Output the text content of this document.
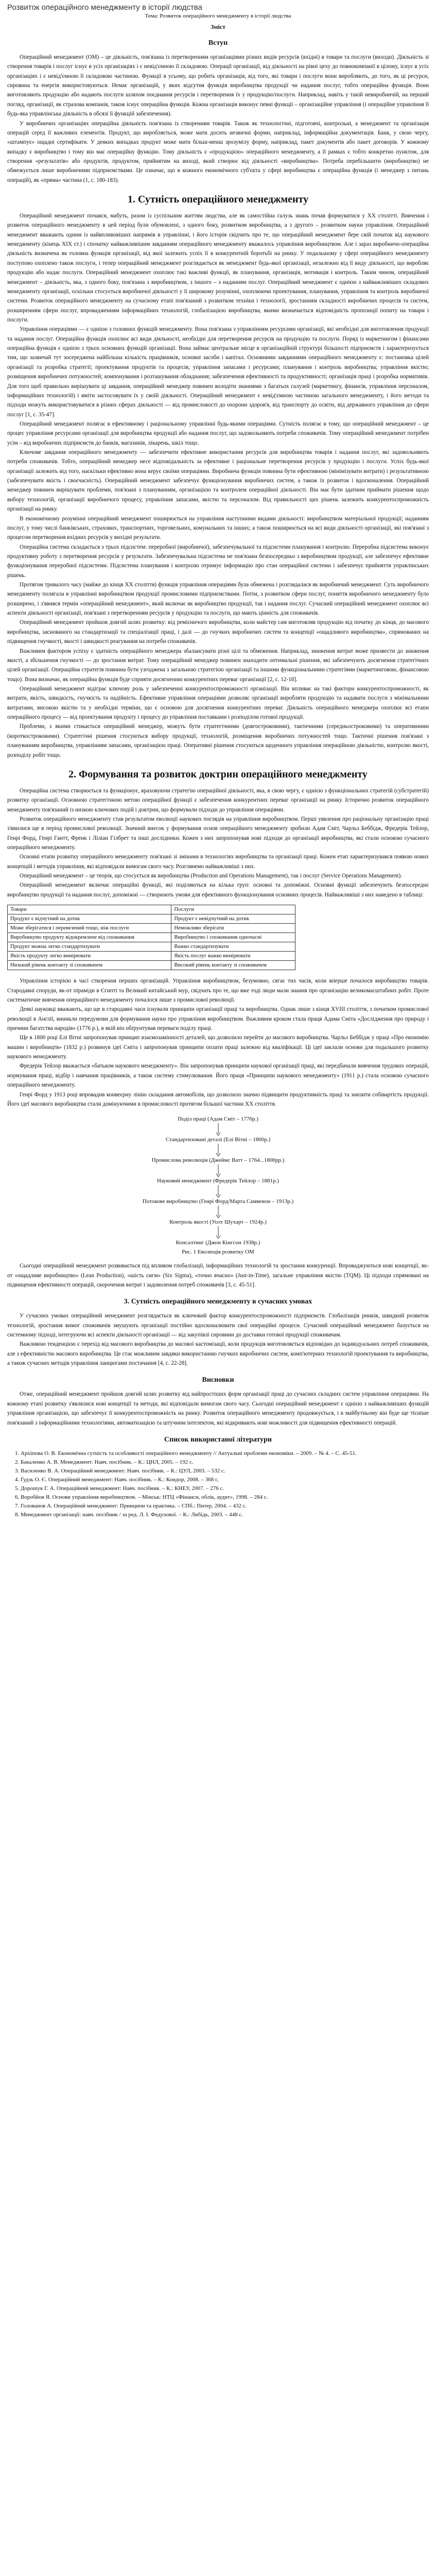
Розвиток операційного менеджменту в історії людства
Тема: Розвиток операційного менеджменту в історії людства
Зміст
Вступ

Операційний менеджмент (ОМ) – це діяльність, пов'язана із перетворенням організаціями різних видів ресурсів (вхідні) в товари та послуги (виходи). Діяльність зі створення товарів і послуг існує в усіх організаціях і є невід'ємною її складовою. Операції організації, від діяльності на рівні цеху до повнокомпанії в цілому, існує в усіх організаціях і є невід'ємною її складовою частиною. Функції в усьому, що робить організація, від того, які товари і послуги вони виробляють, до того, як ці ресурси, сировина та енергія використовуються. Немає організацій, у яких відсутня функція виробництва продукції чи надання послуг, тобто операційна функція. Вони виготовляють продукцію або надають послуги шляхом поєднання ресурсів і перетворення їх у продукцію/послуги. Наприклад, навіть у такій невиробничій, на перший погляд, організації, як страхова компанія, також існує операційна функція. Кожна організація виконує певні функції – організаційне управління (і операційне управління її будь-яка управлінська діяльність в обсязі її функцій забезпечення).

У виробничих організаціях операційна діяльність пов'язана із створенням товарів. Також як технологічні, підготовчі, контрольні, а менеджмент та організація операцій серед її важливих елементів. Продукт, що виробляється, може мати досить незвичні форми, наприклад, інформаційна документація. Банк, у свою чергу, «штампує» ощадні сертифікати. У деяких випадках продукт може мати більш-менш зрозумілу форму, наприклад, пакет документів або пакет договорів. У кожному випадку є виробництво і тому він має операційну функцію. Тому діяльність є «продукцією» операційного менеджменту, а її рамках є тобто конкретно пунктом, для створення «результатів» або продуктів, продуктом, прийнятим на виході, який створює від діяльності «виробництва». Потреба перебільшити (виробництво) не обмежується лише виробничими підприємствами. Це означає, що в кожного економічного суб'єкта у сфері виробництва є операційна функція (і менеджер з питань операцій), як «пряма» частина (1, с. 180-183).

1. Сутність операційного менеджменту

Операційний менеджмент почався, мабуть, разом із суспільним життям людства, але як самостійна галузь знань почав формуватися у XX столітті. Вивчення і розвиток операційного менеджменту в цей період були обумовлені, з одного боку, розвитком виробництва, а з другого – розвитком науки управління. Операційний менеджмент вважають одним із найвпливовіших напрямів в управлінні, і його історія свідчить про те, що операційний менеджмент бере свій початок від наукового менеджменту (кінець XIX ст.) і спочатку найважливішим завданням операційного менеджменту вважалось управління виробництвом. Але і зараз виробничо-операційна діяльність визначена як головна функція організації, від якої залежить успіх її в конкурентній боротьбі на ринку. У подальшому у сфері операційного менеджменту поступово охоплено також послуги, і тепер операційний менеджмент розглядається як менеджмент будь-якої організації, незалежно від її виду діяльності, що виробляє продукцію або надає послуги. Операційний менеджмент охоплює такі важливі функції, як планування, організація, мотивація і контроль. Таким чином, операційний менеджмент – діяльність, яка, з одного боку, пов'язана з виробництвом, з іншого – з наданням послуг. Операційний менеджмент є однією з найважливіших складових менеджменту організації, оскільки стосується виробничої діяльності у її широкому розумінні, охоплюючи проектування, планування, управління та контроль виробничої системи. Розвиток операційного менеджменту на сучасному етапі пов'язаний з розвитком техніки і технології, зростанням складності виробничих процесів та систем, розширенням сфери послуг, впровадженням інформаційних технологій, глобалізацією виробництва, якими визначається відповідність пропозиції попиту на товари і послуги.

Управління операціями — є однією з головних функцій менеджменту. Вона пов'язана з управлінням ресурсами організації, які необхідні для виготовлення продукції та надання послуг. Операційна функція охоплює всі види діяльності, необхідні для перетворення ресурсів на продукцію та послуги. Поряд із маркетингом і фінансами операційна функція є однією з трьох основних функцій організації. Вона займає центральне місце в організаційній структурі більшості підприємств і характеризується тим, що зазвичай тут зосереджена найбільша кількість працівників, основні засоби і капітал. Основними завданнями операційного менеджменту є: постановка цілей організації та розробка стратегії; проектування продуктів та процесів; управління запасами і ресурсами; планування і контроль виробництва; управління якістю; розміщення виробничих потужностей; компонування і розташування обладнання; забезпечення ефективності та продуктивності; організація праці і розробка нормативів. Для того щоб правильно вирішувати ці завдання, операційний менеджер повинен володіти знаннями з багатьох галузей (маркетингу, фінансів, управління персоналом, інформаційних технологій) і вміти застосовувати їх у своїй діяльності. Операційний менеджмент є невід'ємною частиною загального менеджменту, і його методи та підходи можуть використовуватися в різних сферах діяльності — від промисловості до охорони здоров'я, від транспорту до освіти, від державного управління до сфери послуг [1, с. 35-47].

Операційний менеджмент полягає в ефективному і раціональному управлінні будь-якими операціями. Сутність полягає в тому, що операційний менеджмент – це процес управління ресурсами організації для виробництва продукції або надання послуг, що задовольняють потреби споживачів. Тому операційний менеджмент потрібен усім – від виробничих підприємств до банків, магазинів, лікарень, шкіл тощо.

Ключове завдання операційного менеджменту — забезпечити ефективне використання ресурсів для виробництва товарів і надання послуг, які задовольняють потреби споживачів. Тобто, операційний менеджер несе відповідальність за ефективне і раціональне перетворення ресурсів у продукцію і послуги. Успіх будь-якої організації залежить від того, наскільки ефективно вона керує своїми операціями. Виробнича функція повинна бути ефективною (мінімізувати витрати) і результативною (забезпечувати якість і своєчасність). Операційний менеджмент забезпечує функціонування виробничих систем, а також їх розвиток і вдосконалення. Операційний менеджер повинен вирішувати проблеми, пов'язані з плануванням, організацією та контролем операційної діяльності. Він має бути здатним приймати рішення щодо вибору технологій, організації виробничого процесу, управління запасами, якістю та персоналом. Від правильності цих рішень залежить конкурентоспроможність організації на ринку.

В економічному розумінні операційний менеджмент поширюється на управління наступними видами діяльності: виробництвом матеріальної продукції; наданням послуг, у тому числі банківських, страхових, транспортних, торговельних, комунальних та інших; а також поширюється на всі види діяльності організації, які пов'язані з процесом перетворення вхідних ресурсів у вихідні результати.

Операційна система складається з трьох підсистем: переробної (виробничої), забезпечувальної та підсистеми планування і контролю. Переробна підсистема виконує продуктивну роботу з перетворення ресурсів у результати. Забезпечувальна підсистема не пов'язана безпосередньо з виробництвом продукції, але забезпечує ефективне функціонування переробної підсистеми. Підсистема планування і контролю отримує інформацію про стан операційної системи і забезпечує прийняття управлінських рішень.

Протягом тривалого часу (майже до кінця ХХ століття) функція управління операціями була обмежена і розглядалася як виробничий менеджмент. Суть виробничого менеджменту полягала в управлінні виробництвом продукції промисловими підприємствами. Потім, з розвитком сфери послуг, поняття виробничого менеджменту було розширено, і з'явився термін «операційний менеджмент», який включає як виробництво продукції, так і надання послуг. Сучасний операційний менеджмент охоплює всі аспекти діяльності організації, пов'язані з перетворенням ресурсів у продукцію та послуги, що мають цінність для споживачів.

Операційний менеджмент пройшов довгий шлях розвитку: від ремісничого виробництва, коли майстер сам виготовляв продукцію від початку до кінця, до масового виробництва, заснованого на стандартизації та спеціалізації праці, і далі — до гнучких виробничих систем та концепції «ощадливого виробництва», спрямованих на підвищення гнучкості, якості і швидкості реагування на потреби споживачів.

Важливим фактором успіху є здатність операційного менеджера збалансувати різні цілі та обмеження. Наприклад, зниження витрат може призвести до зниження якості, а збільшення гнучкості — до зростання витрат. Тому операційний менеджер повинен знаходити оптимальні рішення, які забезпечують досягнення стратегічних цілей організації. Операційна стратегія повинна бути узгоджена з загальною стратегією організації та іншими функціональними стратегіями (маркетинговою, фінансовою тощо). Вона визначає, як операційна функція буде сприяти досягненню конкурентних переваг організації [2, с. 12-18].

Операційний менеджмент відіграє ключову роль у забезпеченні конкурентоспроможності організації. Він впливає на такі фактори конкурентоспроможності, як витрати, якість, швидкість, гнучкість та надійність. Ефективне управління операціями дозволяє організації виробляти продукцію та надавати послуги з мінімальними витратами, високою якістю та у необхідні терміни, що є основою для досягнення конкурентних переваг. Діяльність операційного менеджера охоплює всі етапи операційного процесу — від проектування продукту і процесу до управління поставками і розподілом готової продукції.

Проблеми, з якими стикається операційний менеджер, можуть бути стратегічними (довгостроковими), тактичними (середньостроковими) та оперативними (короткостроковими). Стратегічні рішення стосуються вибору продукції, технологій, розміщення виробничих потужностей тощо. Тактичні рішення пов'язані з плануванням виробництва, управлінням запасами, організацією праці. Оперативні рішення стосуються щоденного управління операційною діяльністю, контролю якості, розподілу робіт тощо.

2. Формування та розвиток доктрин операційного менеджменту

Операційна система створюється та функціонує, враховуючи стратегію операційної діяльності, яка, в свою чергу, є однією з функціональних стратегій (субстратегій) розвитку організації. Основною стратегічною метою операційної функції є забезпечення конкурентних переваг організації на ринку. Історично розвиток операційного менеджменту пов'язаний із низкою ключових подій і доктрин, що формували підходи до управління операціями.

Розвиток операційного менеджменту став результатом еволюції наукових поглядів на управління виробництвом. Перші уявлення про раціональну організацію праці з'явилися ще в період промислової революції. Значний внесок у формування основ операційного менеджменту зробили Адам Сміт, Чарльз Беббідж, Фредерік Тейлор, Генрі Форд, Генрі Гантт, Френк і Ліліан Гілбрет та інші дослідники. Кожен з них запропонував нові підходи до організації виробництва, які стали основою сучасного операційного менеджменту.

Основні етапи розвитку операційного менеджменту пов'язані зі змінами в технологіях виробництва та організації праці. Кожен етап характеризувався появою нових концепцій і методів управління, які відповідали вимогам свого часу. Розглянемо найважливіші з них.

Операційний менеджмент – це теорія, що стосується як виробництва (Production and Operations Management), так і послуг (Service Operations Management).

Операційний менеджмент включає операційні функції, які поділяються на кілька груп: основні та допоміжні. Основні функції забезпечують безпосереднє виробництво продукції та надання послуг, допоміжні — створюють умови для ефективного функціонування основних процесів. Найважливіші з них наведено в таблиці:

Товари	Послуги
Продукт є відчутний на дотик	Продукт є невідчутний на дотик
Може зберігатися і перевезений тощо, ніж послуги	Неможливо зберігати
Виробництво продукту відокремлене від споживання	Виробництво і споживання одночасні
Продукт можна легко стандартизувати	Важко стандартизувати
Якість продукту легко вимірювати	Якість послуг важко вимірювати
Низький рівень контакту зі споживачем	Високий рівень контакту зі споживачем

Управління історією в часі створення перших організацій. Управління виробництвом, безумовно, сягає тих часів, коли вперше почалося виробництво товарів. Стародавні споруди, як-от піраміди в Єгипті та Великий китайський мур, свідчать про те, що вже тоді люди мали знання про організацію великомасштабних робіт. Проте систематичне вивчення операційного менеджменту почалося лише з промислової революції.

Деякі науковці вважають, що ще в стародавні часи існували принципи організації праці та виробництва. Однак лише з кінця XVIII століття, з початком промислової революції в Англії, виникли передумови для формування науки про управління виробництвом. Важливим кроком стала праця Адама Сміта «Дослідження про природу і причини багатства народів» (1776 р.), в якій він обґрунтував переваги поділу праці.

Ще в 1800 році Елі Вітні запропонував принцип взаємозамінності деталей, що дозволило перейти до масового виробництва. Чарльз Беббідж у праці «Про економію машин і виробництв» (1832 р.) розвинув ідеї Сміта і запропонував принципи оплати праці залежно від кваліфікації. Ці ідеї заклали основи для подальшого розвитку наукового менеджменту.

Фредерік Тейлор вважається «батьком наукового менеджменту». Він запропонував принципи наукової організації праці, які передбачали вивчення трудових операцій, нормування праці, відбір і навчання працівників, а також систему стимулювання. Його праця «Принципи наукового менеджменту» (1911 р.) стала основою сучасного операційного менеджменту.

Генрі Форд у 1913 році впровадив конвеєрну лінію складання автомобілів, що дозволило значно підвищити продуктивність праці та знизити собівартість продукції. Його ідеї масового виробництва стали домінуючими в промисловості протягом більшої частини XX століття.

Поділ праці (Адам Сміт – 1776р.)

Стандартизовані деталі (Елі Вітні – 1800р.)

Промислова революція (Джеймс Ватт – 1764...1800рр.)

Науковий менеджмент (Фредерік Тейлор – 1881р.)

Потокове виробництво (Генрі Форд/Марта Самвенон – 1913р.)

Контроль якості (Уолт Шухарт – 1924р.)

Консалтинг (Джон Кінгсон 1938р.)

Рис. 1 Еволюція розвитку ОМ

Сьогодні операційний менеджмент розвивається під впливом глобалізації, інформаційних технологій та зростання конкуренції. Впроваджуються нові концепції, як-от «ощадливе виробництво» (Lean Production), «шість сигм» (Six Sigma), «точно вчасно» (Just-in-Time), загальне управління якістю (TQM). Ці підходи спрямовані на підвищення ефективності операцій, скорочення витрат і задоволення потреб споживачів [3, с. 45-51].

3. Сутність операційного менеджменту в сучасних умовах

У сучасних умовах операційний менеджмент розглядається як ключовий фактор конкурентоспроможності підприємств. Глобалізація ринків, швидкий розвиток технологій, зростання вимог споживачів змушують організації постійно вдосконалювати свої операційні процеси. Сучасний операційний менеджмент базується на системному підході, інтегруючи всі аспекти діяльності організації — від закупівлі сировини до доставки готової продукції споживачам.

Важливою тенденцією є перехід від масового виробництва до масової кастомізації, коли продукція виготовляється відповідно до індивідуальних потреб споживачів, але з ефективністю масового виробництва. Це стає можливим завдяки використанню гнучких виробничих систем, комп'ютерних технологій проектування та виробництва, а також сучасних методів управління ланцюгами постачання [4, с. 22-28].

Висновки

Отже, операційний менеджмент пройшов довгий шлях розвитку від найпростіших форм організації праці до сучасних складних систем управління операціями. На кожному етапі розвитку з'являлися нові концепції та методи, які відповідали вимогам свого часу. Сьогодні операційний менеджмент є однією з найважливіших функцій управління організацією, що забезпечує її конкурентоспроможність на ринку. Розвиток операційного менеджменту продовжується, і в майбутньому він буде ще тісніше пов'язаний з інформаційними технологіями, автоматизацією та штучним інтелектом, які відкривають нові можливості для підвищення ефективності операцій.

Список використаної літератури
1. Архіпова О. В. Економічна сутність та особливості операційного менеджменту // Актуальні проблеми економіки. – 2009. – № 4. – С. 45-51.
2. Бакаленко А. В. Менеджмент: Навч. посібник. – К.: ЦНЛ, 2005. – 192 с.
3. Василенко В. А. Операційний менеджмент: Навч. посібник. – К.: ЦУЛ, 2003. – 532 с.
4. Ґудзь О. Є. Операційний менеджмент: Навч. посібник. – К.: Кондор, 2008. – 368 с.
5. Дорошук Г. А. Операційний менеджмент: Навч. посібник. – К.: КНЕУ, 2007. – 276 с.
6. Воробйов Я. Основи управління виробництвом. – Мінськ: НТЦ «Фінанси, облік, аудит», 1998. – 284 с.
7. Голованов А. Операційний менеджмент: Принципи та практика. – СПб.: Питер, 2004. – 432 с.
8. Менеджмент організації: навч. посібник / за ред. Л. І. Федулової. – К.: Либідь, 2003. – 448 с.
